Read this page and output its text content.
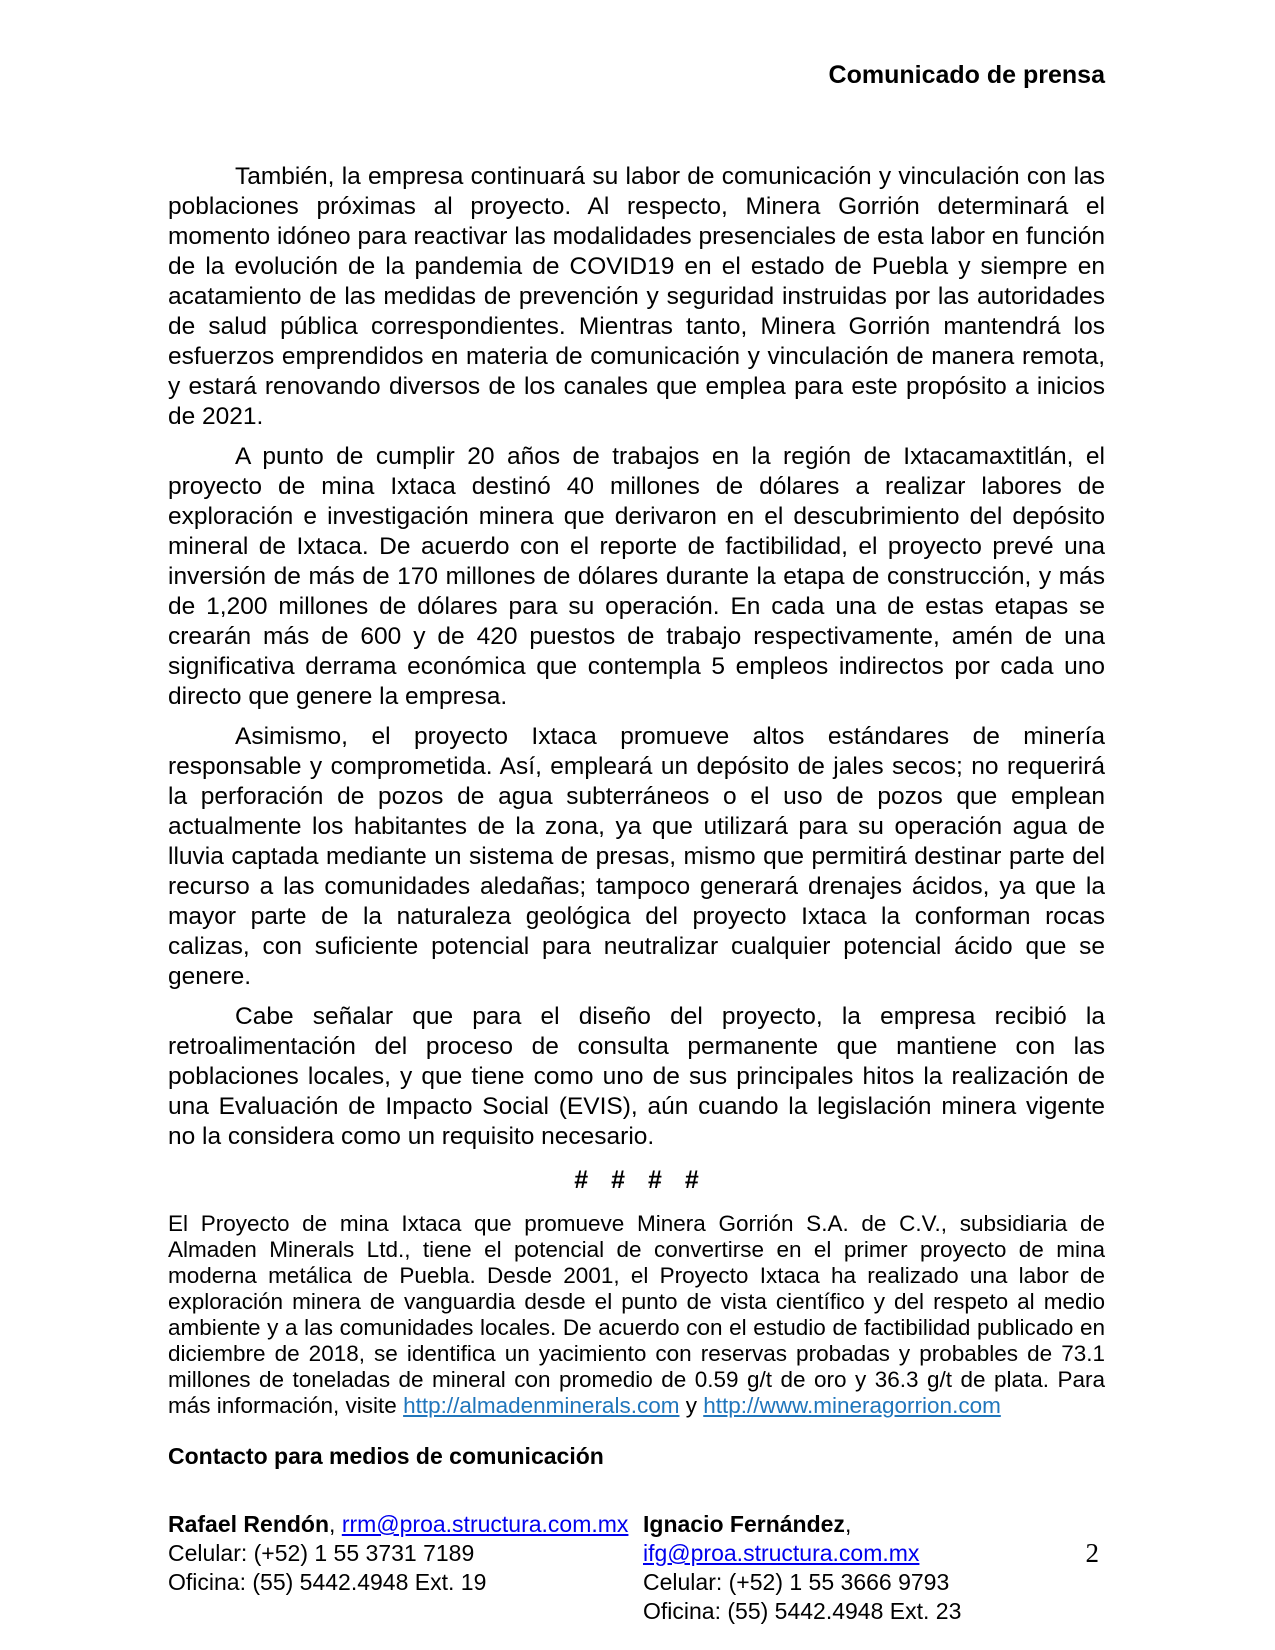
Comunicado de prensa

También, la empresa continuará su labor de comunicación y vinculación con las poblaciones próximas al proyecto. Al respecto, Minera Gorrión determinará el momento idóneo para reactivar las modalidades presenciales de esta labor en función de la evolución de la pandemia de COVID19 en el estado de Puebla y siempre en acatamiento de las medidas de prevención y seguridad instruidas por las autoridades de salud pública correspondientes. Mientras tanto, Minera Gorrión mantendrá los esfuerzos emprendidos en materia de comunicación y vinculación de manera remota, y estará renovando diversos de los canales que emplea para este propósito a inicios de 2021.

A punto de cumplir 20 años de trabajos en la región de Ixtacamaxtitlán, el proyecto de mina Ixtaca destinó 40 millones de dólares a realizar labores de exploración e investigación minera que derivaron en el descubrimiento del depósito mineral de Ixtaca. De acuerdo con el reporte de factibilidad, el proyecto prevé una inversión de más de 170 millones de dólares durante la etapa de construcción, y más de 1,200 millones de dólares para su operación. En cada una de estas etapas se crearán más de 600 y de 420 puestos de trabajo respectivamente, amén de una significativa derrama económica que contempla 5 empleos indirectos por cada uno directo que genere la empresa.

Asimismo, el proyecto Ixtaca promueve altos estándares de minería responsable y comprometida. Así, empleará un depósito de jales secos; no requerirá la perforación de pozos de agua subterráneos o el uso de pozos que emplean actualmente los habitantes de la zona, ya que utilizará para su operación agua de lluvia captada mediante un sistema de presas, mismo que permitirá destinar parte del recurso a las comunidades aledañas; tampoco generará drenajes ácidos, ya que la mayor parte de la naturaleza geológica del proyecto Ixtaca la conforman rocas calizas, con suficiente potencial para neutralizar cualquier potencial ácido que se genere.

Cabe señalar que para el diseño del proyecto, la empresa recibió la retroalimentación del proceso de consulta permanente que mantiene con las poblaciones locales, y que tiene como uno de sus principales hitos la realización de una Evaluación de Impacto Social (EVIS), aún cuando la legislación minera vigente no la considera como un requisito necesario.

# # # #

El Proyecto de mina Ixtaca que promueve Minera Gorrión S.A. de C.V., subsidiaria de Almaden Minerals Ltd., tiene el potencial de convertirse en el primer proyecto de mina moderna metálica de Puebla. Desde 2001, el Proyecto Ixtaca ha realizado una labor de exploración minera de vanguardia desde el punto de vista científico y del respeto al medio ambiente y a las comunidades locales. De acuerdo con el estudio de factibilidad publicado en diciembre de 2018, se identifica un yacimiento con reservas probadas y probables de 73.1 millones de toneladas de mineral con promedio de 0.59 g/t de oro y 36.3 g/t de plata. Para más información, visite http://almadenminerals.com y http://www.mineragorrion.com

Contacto para medios de comunicación
Rafael Rendón, rrm@proa.structura.com.mx
Celular: (+52) 1 55 3731 7189
Oficina: (55) 5442.4948 Ext. 19
Ignacio Fernández, ifg@proa.structura.com.mx
Celular: (+52) 1 55 3666 9793
Oficina: (55) 5442.4948 Ext. 23
2
